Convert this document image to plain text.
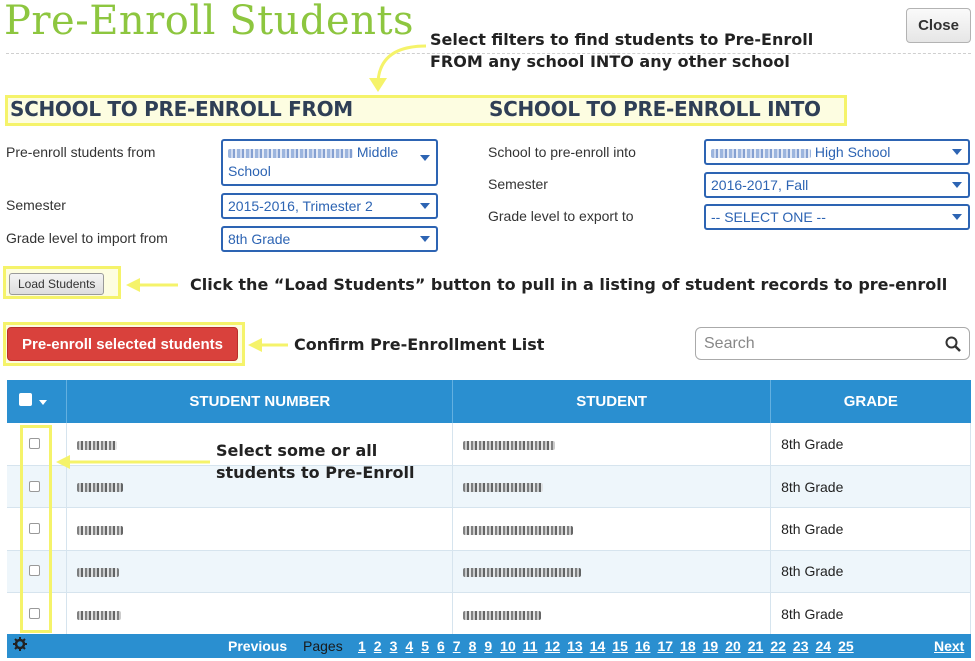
Pre-Enroll Students	Close
Select filters to find students to Pre-Enroll
FROM any school INTO any other school
SCHOOL TO PRE-ENROLL FROM	SCHOOL TO PRE-ENROLL INTO
Pre-enroll students from	Middle
School
Semester	2015-2016, Trimester 2
Grade level to import from	8th Grade
School to pre-enroll into	High School
Semester	2016-2017, Fall
Grade level to export to	-- SELECT ONE --
Load Students	Click the “Load Students” button to pull in a listing of student records to pre-enroll
Pre-enroll selected students	Confirm Pre-Enrollment List	Search
	STUDENT NUMBER	STUDENT	GRADE
			8th Grade
			8th Grade
			8th Grade
			8th Grade
			8th Grade
Select some or all
students to Pre-Enroll
Previous Pages 1 2 3 4 5 6 7 8 9 10 11 12 13 14 15 16 17 18 19 20 21 22 23 24 25	Next
